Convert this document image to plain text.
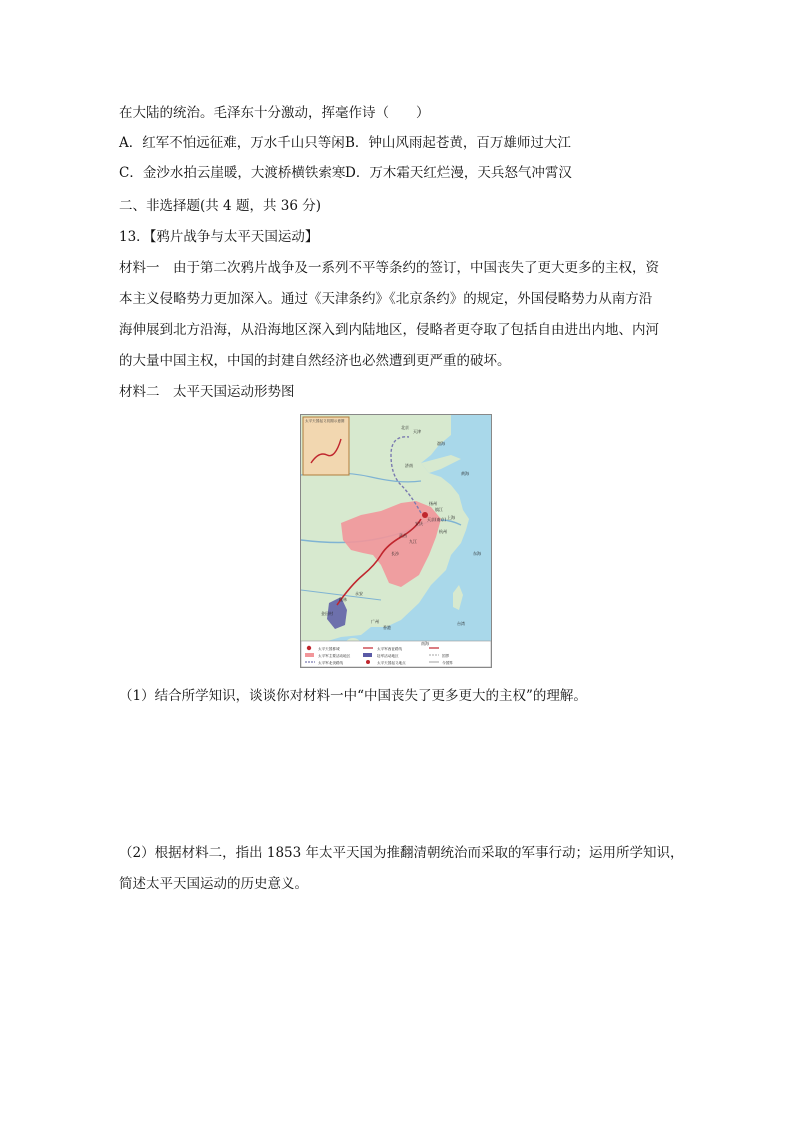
在大陆的统治。毛泽东十分激动，挥毫作诗（　　）
A．红军不怕远征难，万水千山只等闲 B．钟山风雨起苍黄，百万雄师过大江
C．金沙水拍云崖暖，大渡桥横铁索寒 D．万木霜天红烂漫，天兵怒气冲霄汉
二、非选择题(共 4 题，共 36 分)
13．【鸦片战争与太平天国运动】
材料一　由于第二次鸦片战争及一系列不平等条约的签订，中国丧失了更大更多的主权，资
本主义侵略势力更加深入。通过《天津条约》《北京条约》的规定，外国侵略势力从南方沿
海伸展到北方沿海，从沿海地区深入到内陆地区，侵略者更夺取了包括自由进出内地、内河
的大量中国主权，中国的封建自然经济也必然遭到更严重的破坏。
材料二　太平天国运动形势图
天津
北京
济南
扬州
镇江
天京(南京) 上海
杭州
安庆
武昌
九江
长沙
桂林
永安
金田村
广州
香港
台湾
渤海
黄海
东海
南海
太平天国都城
太平军主要活动地区
太平军北伐路线
太平军西征路线
捻军活动地区
太平天国起义地点
国界
今国界
太平天国起义初期示意图
（1）结合所学知识，谈谈你对材料一中“中国丧失了更多更大的主权”的理解。
（2）根据材料二，指出 1853 年太平天国为推翻清朝统治而采取的军事行动；运用所学知识，
简述太平天国运动的历史意义。
